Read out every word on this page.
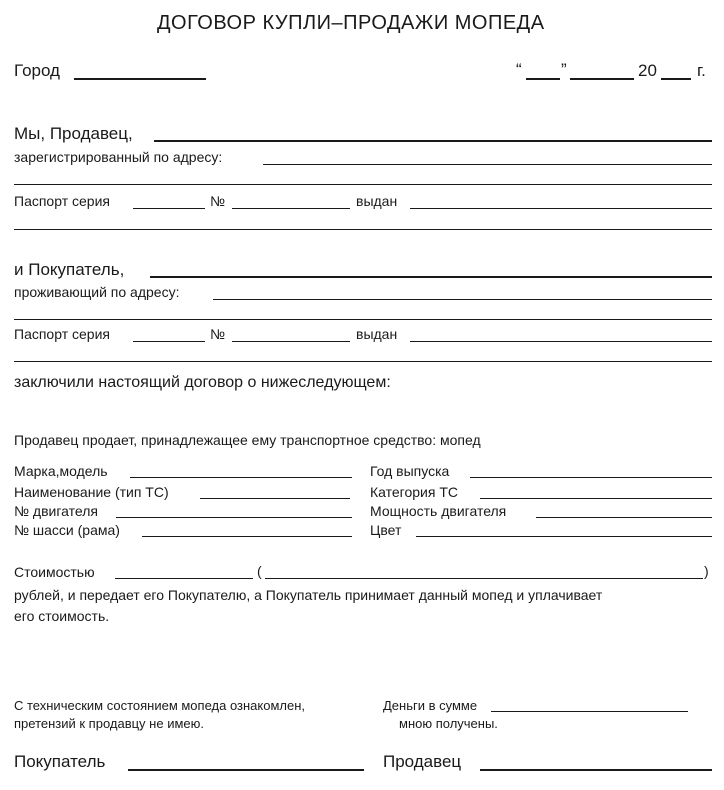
ДОГОВОР КУПЛИ–ПРОДАЖИ МОПЕДА
Город	“ ”	20 г.
Мы, Продавец,
зарегистрированный по адресу:
Паспорт серия	№	выдан
и Покупатель,
проживающий по адресу:
Паспорт серия	№	выдан
заключили настоящий договор о нижеследующем:
Продавец продает, принадлежащее ему транспортное средство: мопед
Марка,модель	Год выпуска
Наименование (тип ТС)	Категория ТС
№ двигателя	Мощность двигателя
№ шасси (рама)	Цвет
Стоимостью	(	)
рублей, и передает его Покупателю, а Покупатель принимает данный мопед и уплачивает
его стоимость.
С техническим состоянием мопеда ознакомлен,
претензий к продавцу не имею.
Деньги в сумме
мною получены.
Покупатель	Продавец
